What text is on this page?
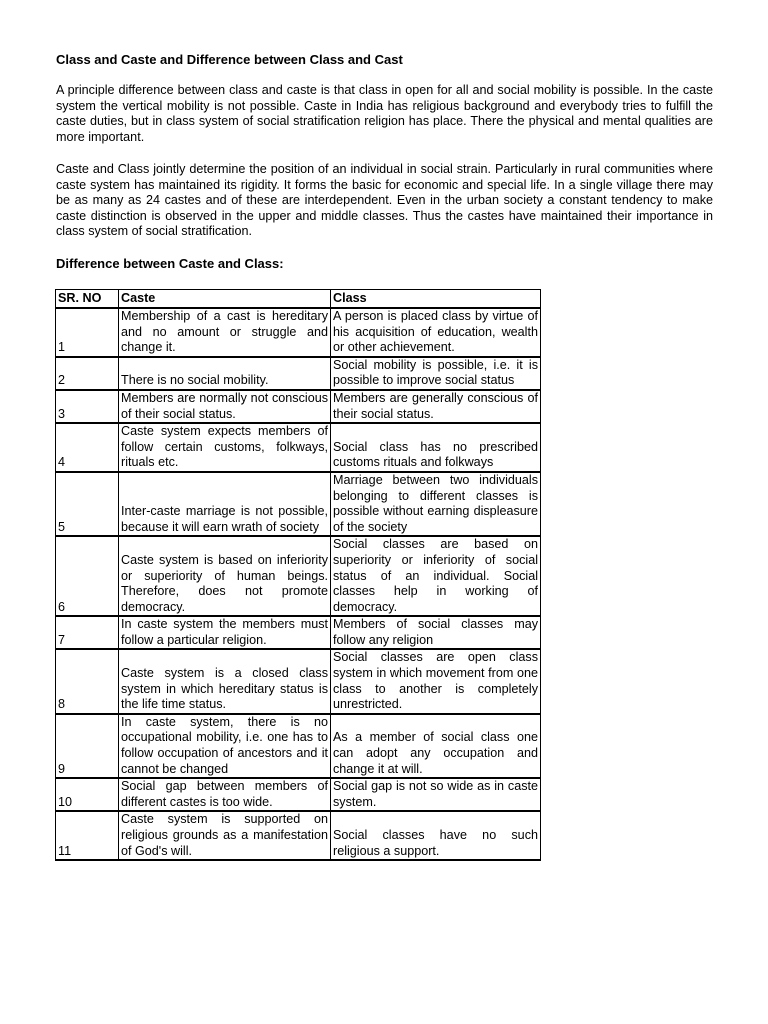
Class and Caste and Difference between Class and Cast

A principle difference between class and caste is that class in open for all and social mobility is possible. In the caste system the vertical mobility is not possible. Caste in India has religious background and everybody tries to fulfill the caste duties, but in class system of social stratification religion has place. There the physical and mental qualities are more important.

Caste and Class jointly determine the position of an individual in social strain. Particularly in rural communities where caste system has maintained its rigidity. It forms the basic for economic and special life. In a single village there may be as many as 24 castes and of these are interdependent. Even in the urban society a constant tendency to make caste distinction is observed in the upper and middle classes. Thus the castes have maintained their importance in class system of social stratification.

Difference between Caste and Class:
SR. NO	Caste	Class
1	Membership of a cast is hereditary and no amount or struggle and change it.	A person is placed class by virtue of his acquisition of education, wealth or other achievement.
2	There is no social mobility.	Social mobility is possible, i.e. it is possible to improve social status
3	Members are normally not conscious of their social status.	Members are generally conscious of their social status.
4	Caste system expects members of follow certain customs, folkways, rituals etc.	Social class has no prescribed customs rituals and folkways
5	Inter-caste marriage is not possible, because it will earn wrath of society	Marriage between two individuals belonging to different classes is possible without earning displeasure of the society
6	Caste system is based on inferiority or superiority of human beings. Therefore, does not promote democracy.	Social classes are based on superiority or inferiority of social status of an individual. Social classes help in working of democracy.
7	In caste system the members must follow a particular religion.	Members of social classes may follow any religion
8	Caste system is a closed class system in which hereditary status is the life time status.	Social classes are open class system in which movement from one class to another is completely unrestricted.
9	In caste system, there is no occupational mobility, i.e. one has to follow occupation of ancestors and it cannot be changed	As a member of social class one can adopt any occupation and change it at will.
10	Social gap between members of different castes is too wide.	Social gap is not so wide as in caste system.
11	Caste system is supported on religious grounds as a manifestation of God's will.	Social classes have no such religious a support.
